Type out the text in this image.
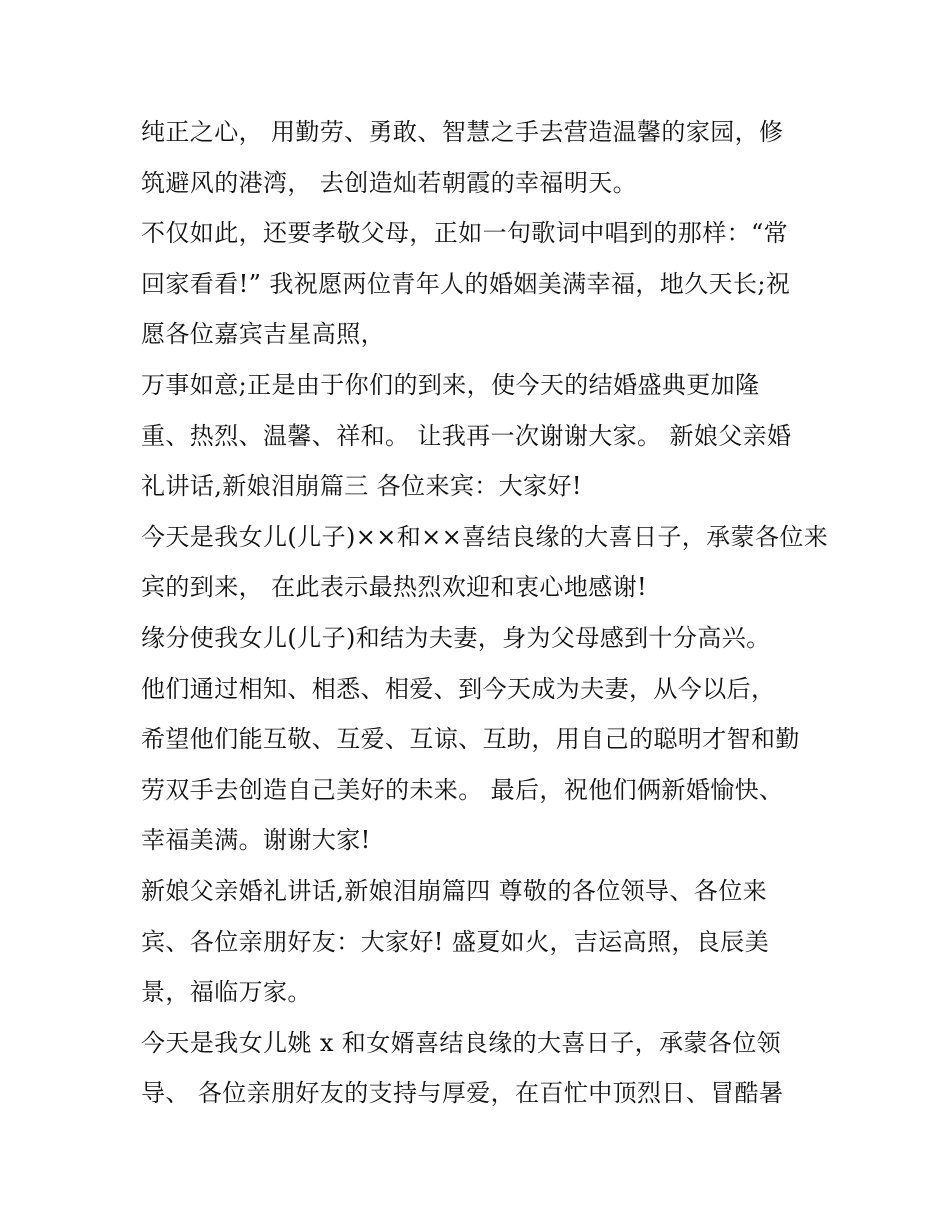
纯正之心， 用勤劳、勇敢、智慧之手去营造温馨的家园，修
筑避风的港湾， 去创造灿若朝霞的幸福明天。
不仅如此，还要孝敬父母，正如一句歌词中唱到的那样：“常
回家看看!” 我祝愿两位青年人的婚姻美满幸福，地久天长;祝
愿各位嘉宾吉星高照，
万事如意;正是由于你们的到来，使今天的结婚盛典更加隆
重、热烈、温馨、祥和。 让我再一次谢谢大家。 新娘父亲婚
礼讲话,新娘泪崩篇三 各位来宾：大家好!
今天是我女儿(儿子)××和××喜结良缘的大喜日子，承蒙各位来
宾的到来， 在此表示最热烈欢迎和衷心地感谢!
缘分使我女儿(儿子)和结为夫妻，身为父母感到十分高兴。
他们通过相知、相悉、相爱、到今天成为夫妻，从今以后，
希望他们能互敬、互爱、互谅、互助，用自己的聪明才智和勤
劳双手去创造自己美好的未来。 最后，祝他们俩新婚愉快、
幸福美满。谢谢大家!
新娘父亲婚礼讲话,新娘泪崩篇四 尊敬的各位领导、各位来
宾、各位亲朋好友：大家好! 盛夏如火，吉运高照，良辰美
景，福临万家。
今天是我女儿姚 x 和女婿喜结良缘的大喜日子，承蒙各位领
导、 各位亲朋好友的支持与厚爱，在百忙中顶烈日、冒酷暑
